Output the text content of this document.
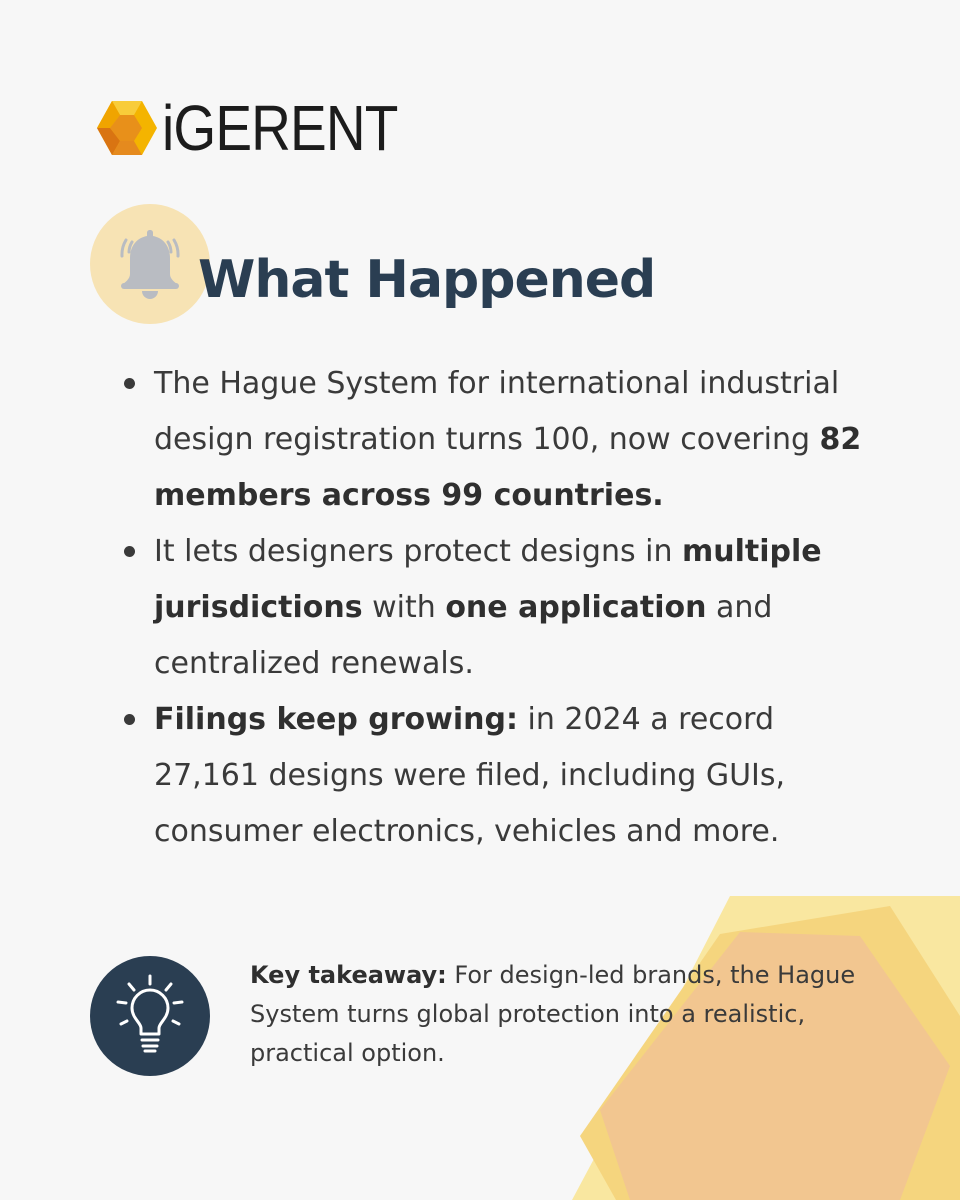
iGERENT
What Happened
The Hague System for international industrial design registration turns 100, now covering 82 members across 99 countries.
It lets designers protect designs in multiple jurisdictions with one application and centralized renewals.
Filings keep growing: in 2024 a record 27,161 designs were filed, including GUIs, consumer electronics, vehicles and more.

Key takeaway: For design-led brands, the Hague System turns global protection into a realistic, practical option.
